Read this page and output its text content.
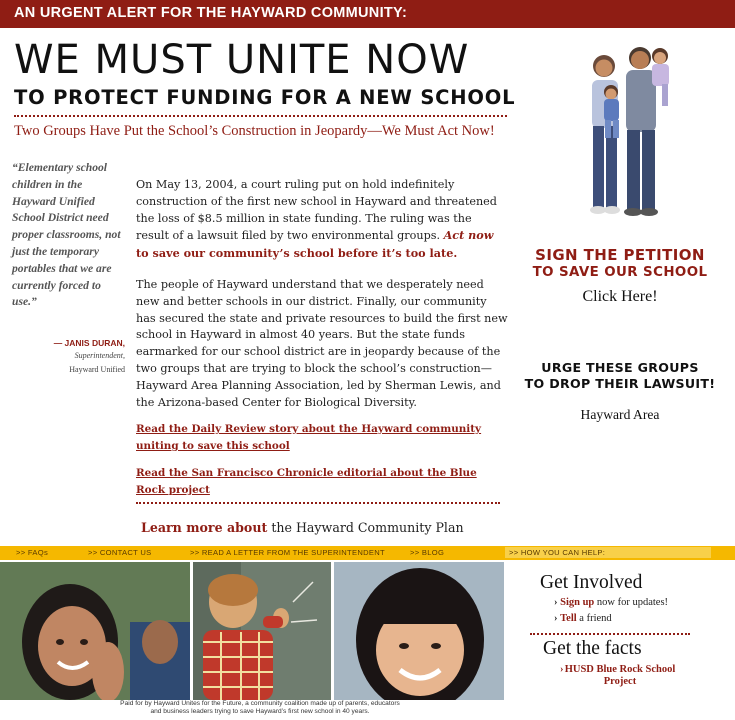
AN URGENT ALERT FOR THE HAYWARD COMMUNITY:
WE MUST UNITE NOW
TO PROTECT FUNDING FOR A NEW SCHOOL
Two Groups Have Put the School’s Construction in Jeopardy—We Must Act Now!

“Elementary school children in the Hayward Unified School District need proper classrooms, not just the temporary portables that we are currently forced to use.”

— JANIS DURAN,
Superintendent,
Hayward Unified

On May 13, 2004, a court ruling put on hold indefinitely construction of the first new school in Hayward and threatened the loss of $8.5 million in state funding. The ruling was the result of a lawsuit filed by two environmental groups. Act now to save our community’s school before it’s too late.

The people of Hayward understand that we desperately need new and better schools in our district. Finally, our community has secured the state and private resources to build the first new school in Hayward in almost 40 years. But the state funds earmarked for our school district are in jeopardy because of the two groups that are trying to block the school’s construction—Hayward Area Planning Association, led by Sherman Lewis, and the Arizona-based Center for Biological Diversity.

Read the Daily Review story about the Hayward community uniting to save this school
Read the San Francisco Chronicle editorial about the Blue Rock project
Learn more about the Hayward Community Plan
SIGN THE PETITION
TO SAVE OUR SCHOOL
Click Here!
URGE THESE GROUPS
TO DROP THEIR LAWSUIT!
Hayward Area
>> FAQs	>> CONTACT US	>> READ A LETTER FROM THE SUPERINTENDENT	>> BLOG	>> HOW YOU CAN HELP:
Paid for by Hayward Unites for the Future, a community coalition made up of parents, educators
and business leaders trying to save Hayward’s first new school in 40 years.
Get Involved
› Sign up now for updates!
› Tell a friend
Get the facts
› HUSD Blue Rock School Project
